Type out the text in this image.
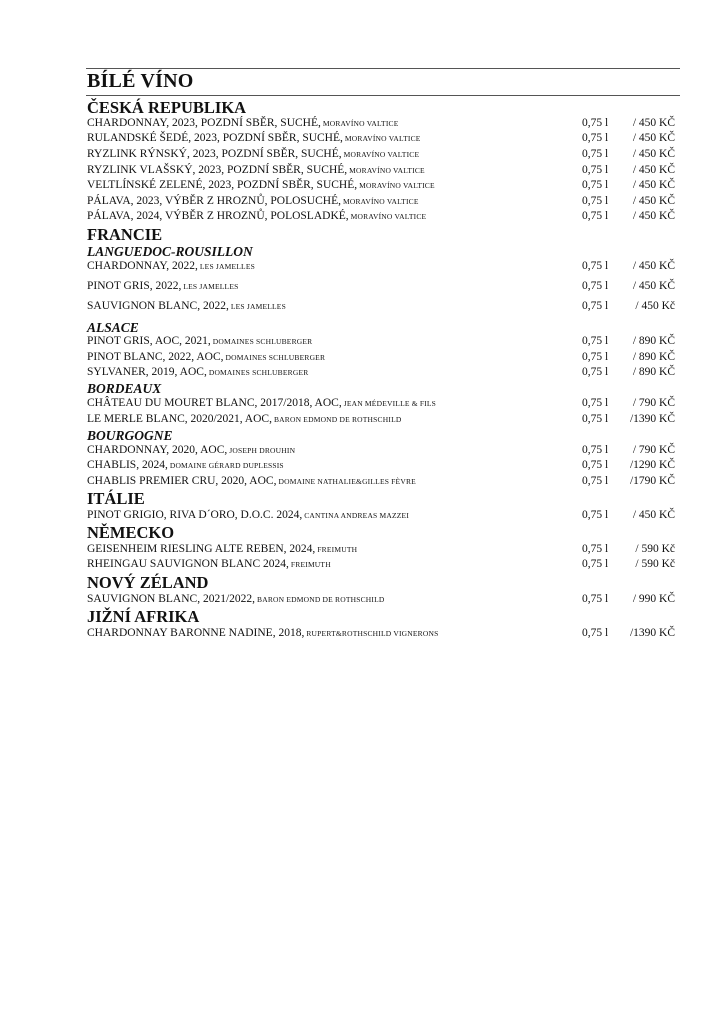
BÍLÉ VÍNO
ČESKÁ REPUBLIKA
CHARDONNAY, 2023, POZDNÍ SBĚR, SUCHÉ, MORAVÍNO VALTICE	0,75 l	/ 450 KČ
RULANDSKÉ ŠEDÉ, 2023, POZDNÍ SBĚR, SUCHÉ, MORAVÍNO VALTICE	0,75 l	/ 450 KČ
RYZLINK RÝNSKÝ, 2023, POZDNÍ SBĚR, SUCHÉ, MORAVÍNO VALTICE	0,75 l	/ 450 KČ
RYZLINK VLAŠSKÝ, 2023, POZDNÍ SBĚR, SUCHÉ, MORAVÍNO VALTICE	0,75 l	/ 450 KČ
VELTLÍNSKÉ ZELENÉ, 2023, POZDNÍ SBĚR, SUCHÉ, MORAVÍNO VALTICE	0,75 l	/ 450 KČ
PÁLAVA, 2023, VÝBĚR Z HROZNŮ, POLOSUCHÉ, MORAVÍNO VALTICE	0,75 l	/ 450 KČ
PÁLAVA, 2024, VÝBĚR Z HROZNŮ, POLOSLADKÉ, MORAVÍNO VALTICE	0,75 l	/ 450 KČ
FRANCIE
LANGUEDOC-ROUSILLON
CHARDONNAY, 2022, LES JAMELLES	0,75 l	/ 450 KČ
PINOT GRIS, 2022, LES JAMELLES	0,75 l	/ 450 KČ
SAUVIGNON BLANC, 2022, LES JAMELLES	0,75 l	/ 450 Kč
ALSACE
PINOT GRIS, AOC, 2021, DOMAINES SCHLUBERGER	0,75 l	/ 890 KČ
PINOT BLANC, 2022, AOC, DOMAINES SCHLUBERGER	0,75 l	/ 890 KČ
SYLVANER, 2019, AOC, DOMAINES SCHLUBERGER	0,75 l	/ 890 KČ
BORDEAUX
CHÂTEAU DU MOURET BLANC, 2017/2018, AOC, JEAN MÉDEVILLE & FILS	0,75 l	/ 790 KČ
LE MERLE BLANC, 2020/2021, AOC, BARON EDMOND DE ROTHSCHILD	0,75 l	/1390 KČ
BOURGOGNE
CHARDONNAY, 2020, AOC, JOSEPH DROUHIN	0,75 l	/ 790 KČ
CHABLIS, 2024, DOMAINE GÉRARD DUPLESSIS	0,75 l	/1290 KČ
CHABLIS PREMIER CRU, 2020, AOC, DOMAINE NATHALIE&GILLES FÈVRE	0,75 l	/1790 KČ
ITÁLIE
PINOT GRIGIO, RIVA D´ORO, D.O.C. 2024, CANTINA ANDREAS MAZZEI	0,75 l	/ 450 KČ
NĚMECKO
GEISENHEIM RIESLING ALTE REBEN, 2024, FREIMUTH	0,75 l	/ 590 Kč
RHEINGAU SAUVIGNON BLANC 2024, FREIMUTH	0,75 l	/ 590 Kč
NOVÝ ZÉLAND
SAUVIGNON BLANC, 2021/2022, BARON EDMOND DE ROTHSCHILD	0,75 l	/ 990 KČ
JIŽNÍ AFRIKA
CHARDONNAY BARONNE NADINE, 2018, RUPERT&ROTHSCHILD VIGNERONS	0,75 l	/1390 KČ
